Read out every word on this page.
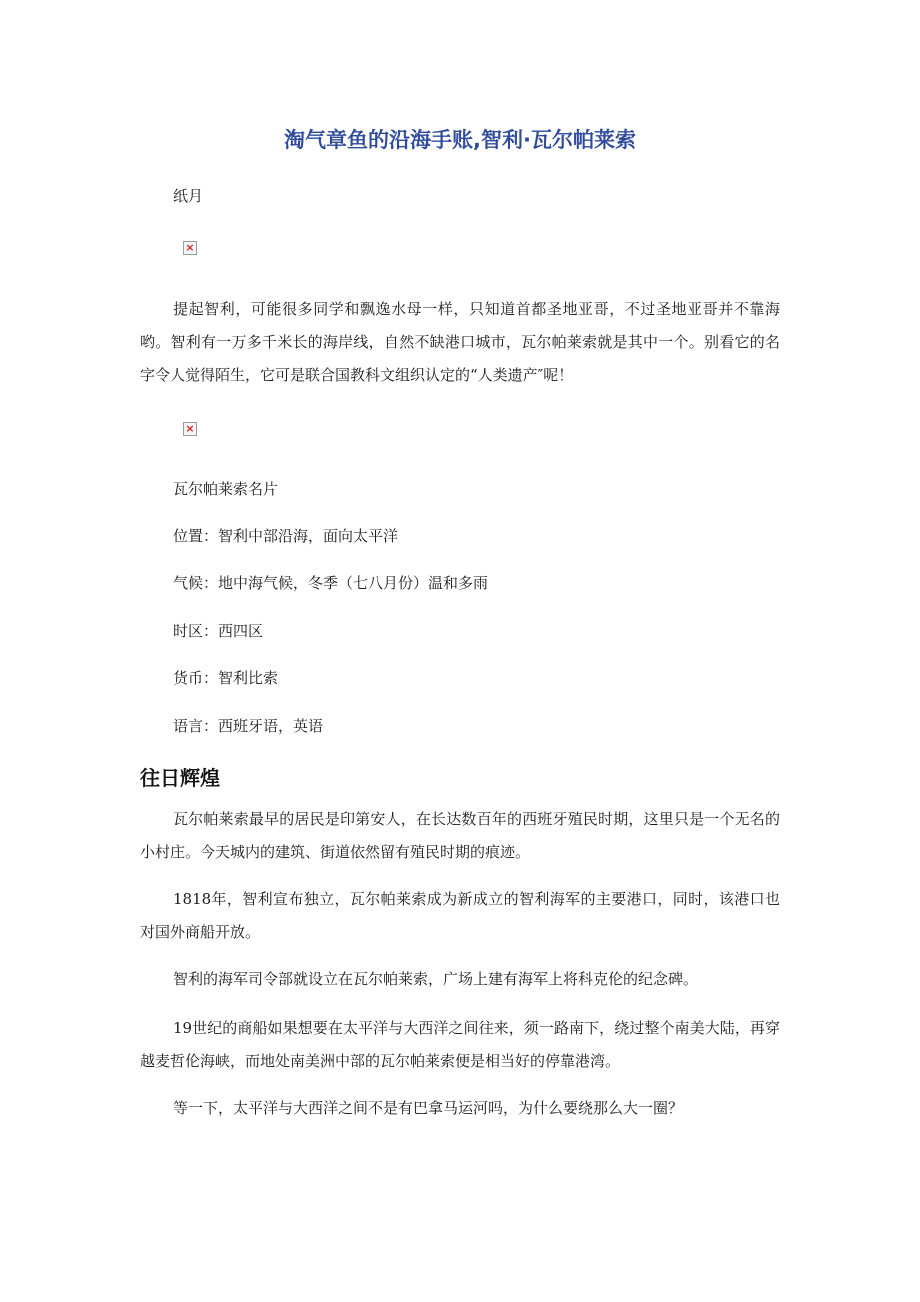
淘气章鱼的沿海手账,智利·瓦尔帕莱索

纸月

×

提起智利，可能很多同学和飘逸水母一样，只知道首都圣地亚哥，不过圣地亚哥并不靠海哟。智利有一万多千米长的海岸线，自然不缺港口城市，瓦尔帕莱索就是其中一个。别看它的名字令人觉得陌生，它可是联合国教科文组织认定的“人类遗产″呢！

×

瓦尔帕莱索名片

位置：智利中部沿海，面向太平洋

气候：地中海气候，冬季（七八月份）温和多雨

时区：西四区

货币：智利比索

语言：西班牙语，英语

往日辉煌

瓦尔帕莱索最早的居民是印第安人，在长达数百年的西班牙殖民时期，这里只是一个无名的小村庄。今天城内的建筑、街道依然留有殖民时期的痕迹。

1818年，智利宣布独立，瓦尔帕莱索成为新成立的智利海军的主要港口，同时，该港口也对国外商船开放。

智利的海军司令部就设立在瓦尔帕莱索，广场上建有海军上将科克伦的纪念碑。

19世纪的商船如果想要在太平洋与大西洋之间往来，须一路南下，绕过整个南美大陆，再穿越麦哲伦海峡，而地处南美洲中部的瓦尔帕莱索便是相当好的停靠港湾。

等一下，太平洋与大西洋之间不是有巴拿马运河吗，为什么要绕那么大一圈？
